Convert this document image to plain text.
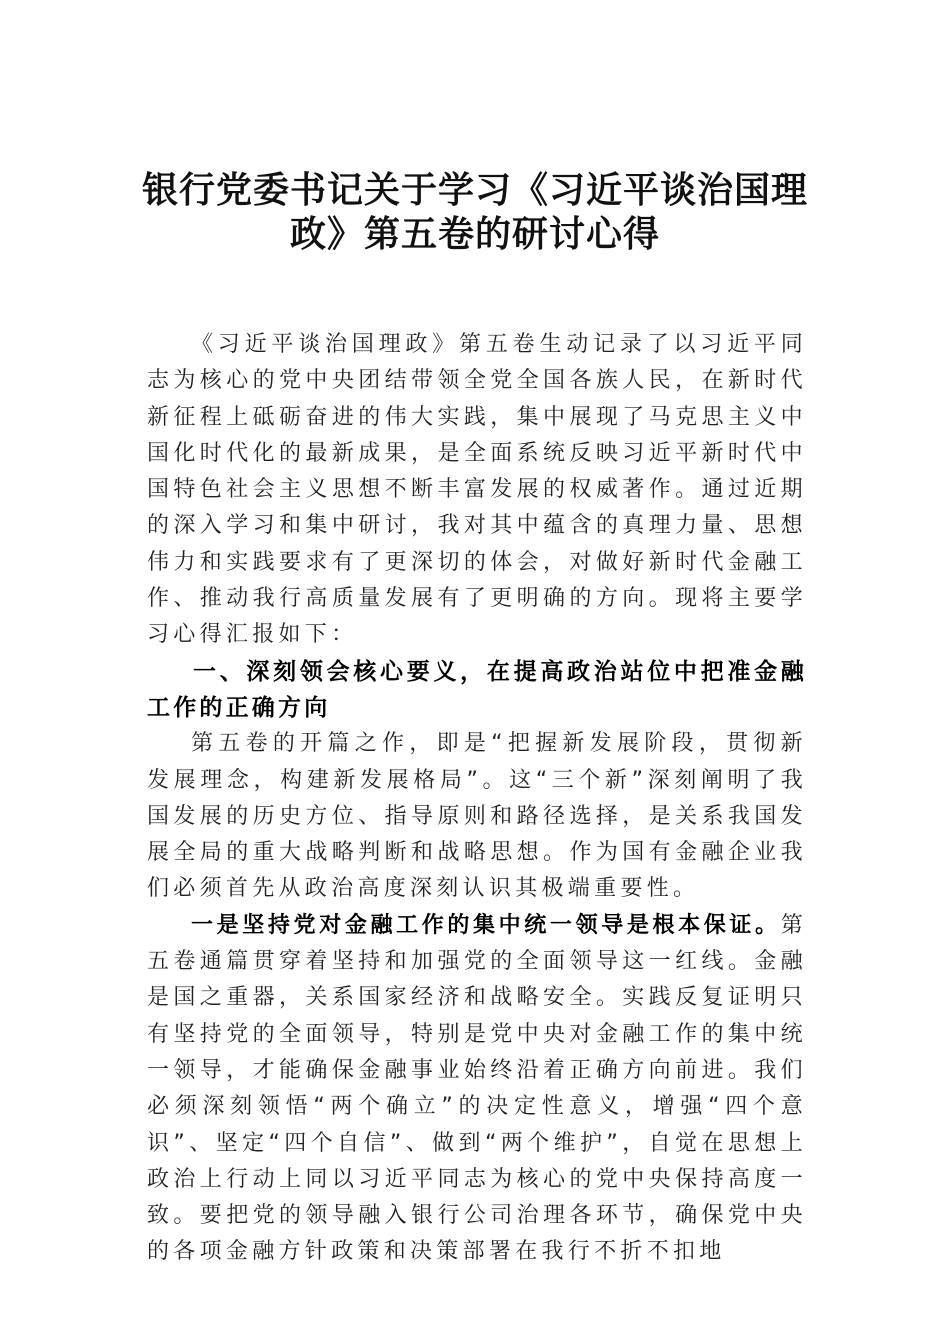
银行党委书记关于学习《习近平谈治国理
政》第五卷的研讨心得

《习近平谈治国理政》第五卷生动记录了以习近平同志为核心的党中央团结带领全党全国各族人民，在新时代新征程上砥砺奋进的伟大实践，集中展现了马克思主义中国化时代化的最新成果，是全面系统反映习近平新时代中国特色社会主义思想不断丰富发展的权威著作。通过近期的深入学习和集中研讨，我对其中蕴含的真理力量、思想伟力和实践要求有了更深切的体会，对做好新时代金融工作、推动我行高质量发展有了更明确的方向。现将主要学习心得汇报如下：

一、深刻领会核心要义，在提高政治站位中把准金融工作的正确方向

第五卷的开篇之作，即是“把握新发展阶段，贯彻新发展理念，构建新发展格局”。这“三个新”深刻阐明了我国发展的历史方位、指导原则和路径选择，是关系我国发展全局的重大战略判断和战略思想。作为国有金融企业我们必须首先从政治高度深刻认识其极端重要性。

一是坚持党对金融工作的集中统一领导是根本保证。第五卷通篇贯穿着坚持和加强党的全面领导这一红线。金融是国之重器，关系国家经济和战略安全。实践反复证明只有坚持党的全面领导，特别是党中央对金融工作的集中统一领导，才能确保金融事业始终沿着正确方向前进。我们必须深刻领悟“两个确立”的决定性意义，增强“四个意识”、坚定“四个自信”、做到“两个维护”，自觉在思想上政治上行动上同以习近平同志为核心的党中央保持高度一致。要把党的领导融入银行公司治理各环节，确保党中央的各项金融方针政策和决策部署在我行不折不扣地
